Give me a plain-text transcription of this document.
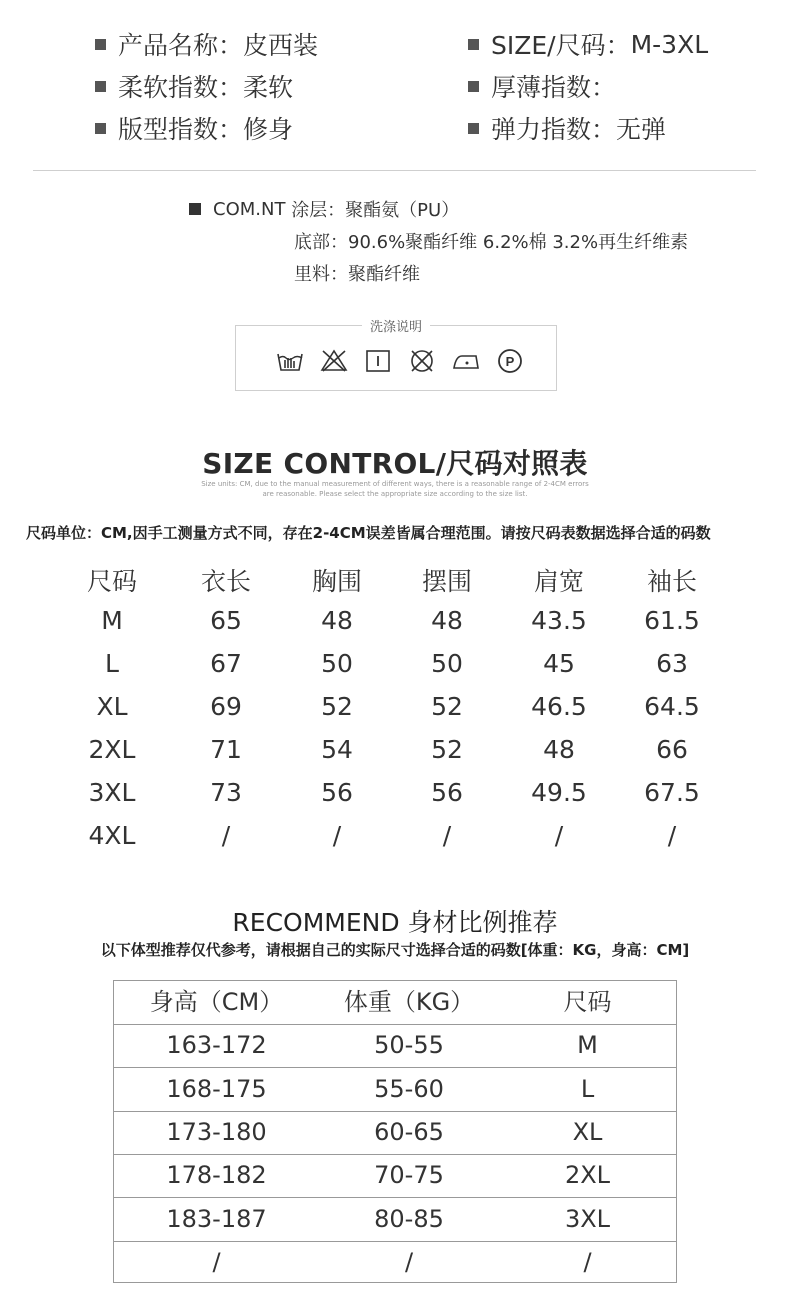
产品名称： 皮西装	SIZE/尺码： M-3XL
柔软指数： 柔软	厚薄指数：
版型指数： 修身	弹力指数： 无弹
COM.NT
涂层：聚酯氨（PU）
底部：90.6%聚酯纤维 6.2%棉 3.2%再生纤维素
里料：聚酯纤维
洗涤说明
P
SIZE CONTROL/尺码对照表
Size units: CM, due to the manual measurement of different ways, there is a reasonable range of 2-4CM errors
are reasonable. Please select the appropriate size according to the size list.
尺码单位：CM,因手工测量方式不同，存在2-4CM误差皆属合理范围。请按尺码表数据选择合适的码数
尺码	衣长	胸围	摆围	肩宽	袖长
M	65	48	48	43.5	61.5
L	67	50	50	45	63
XL	69	52	52	46.5	64.5
2XL	71	54	52	48	66
3XL	73	56	56	49.5	67.5
4XL	/	/	/	/	/
RECOMMEND 身材比例推荐
以下体型推荐仅代参考，请根据自己的实际尺寸选择合适的码数[体重：KG，身高：CM]
身高（CM）	体重（KG）	尺码
163-172	50-55	M
168-175	55-60	L
173-180	60-65	XL
178-182	70-75	2XL
183-187	80-85	3XL
/	/	/
